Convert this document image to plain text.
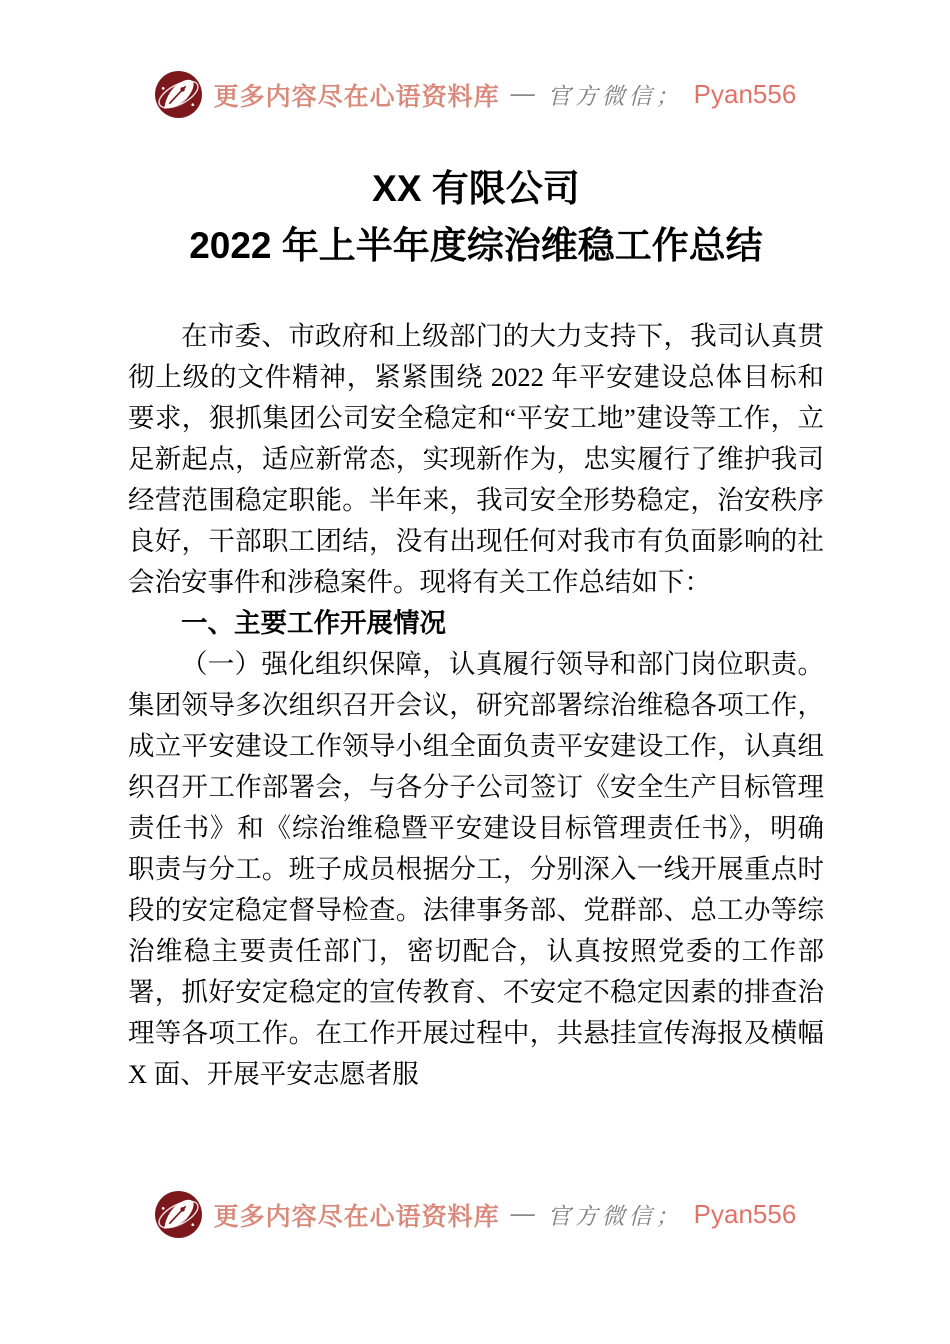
更多内容尽在心语资料库 — 官方微信； Pyan556
XX 有限公司
2022 年上半年度综治维稳工作总结

在市委、市政府和上级部门的大力支持下，我司认真贯彻上级的文件精神，紧紧围绕 2022 年平安建设总体目标和要求，狠抓集团公司安全稳定和“平安工地”建设等工作，立足新起点，适应新常态，实现新作为，忠实履行了维护我司经营范围稳定职能。半年来，我司安全形势稳定，治安秩序良好，干部职工团结，没有出现任何对我市有负面影响的社会治安事件和涉稳案件。现将有关工作总结如下：

一、主要工作开展情况

（一）强化组织保障，认真履行领导和部门岗位职责。集团领导多次组织召开会议，研究部署综治维稳各项工作，成立平安建设工作领导小组全面负责平安建设工作，认真组织召开工作部署会，与各分子公司签订《安全生产目标管理责任书》和《综治维稳暨平安建设目标管理责任书》，明确职责与分工。班子成员根据分工，分别深入一线开展重点时段的安定稳定督导检查。法律事务部、党群部、总工办等综治维稳主要责任部门，密切配合，认真按照党委的工作部署，抓好安定稳定的宣传教育、不安定不稳定因素的排查治理等各项工作。在工作开展过程中，共悬挂宣传海报及横幅 X 面、开展平安志愿者服

更多内容尽在心语资料库 — 官方微信； Pyan556
